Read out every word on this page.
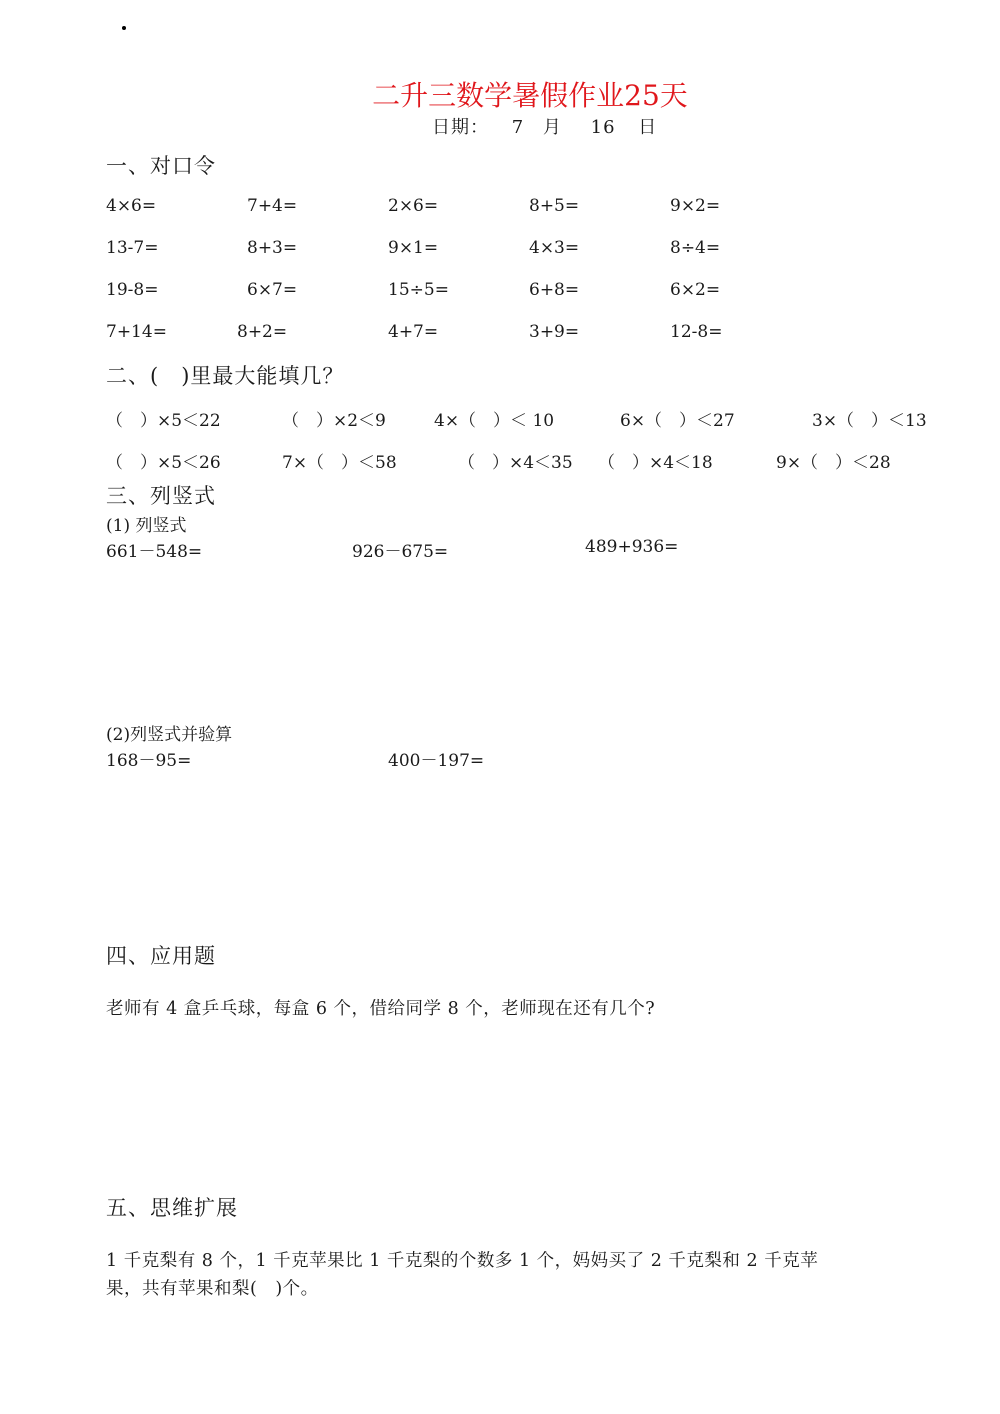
二升三数学暑假作业25天
日期： 7 月 16 日
一、对口令
4×6=	7+4=	2×6=	8+5=	9×2=
13-7=	8+3=	9×1=	4×3=	8÷4=
19-8=	6×7=	15÷5=	6+8=	6×2=
7+14=	8+2=	4+7=	3+9=	12-8=
二、(　)里最大能填几？
（　）×5＜22	（　）×2＜9	4×（　）＜ 10	6×（　）＜27	3×（　）＜13
（　）×5＜26	7×（　）＜58	（　）×4＜35 （　）×4＜18	9×（　）＜28
三、列竖式
(1) 列竖式
661－548=	926－675=	489+936=
(2)列竖式并验算
168－95=	400－197=
四、应用题
老师有 4 盒乒乓球，每盒 6 个，借给同学 8 个，老师现在还有几个?
五、思维扩展
1 千克梨有 8 个，1 千克苹果比 1 千克梨的个数多 1 个，妈妈买了 2 千克梨和 2 千克苹
果，共有苹果和梨(　)个。
